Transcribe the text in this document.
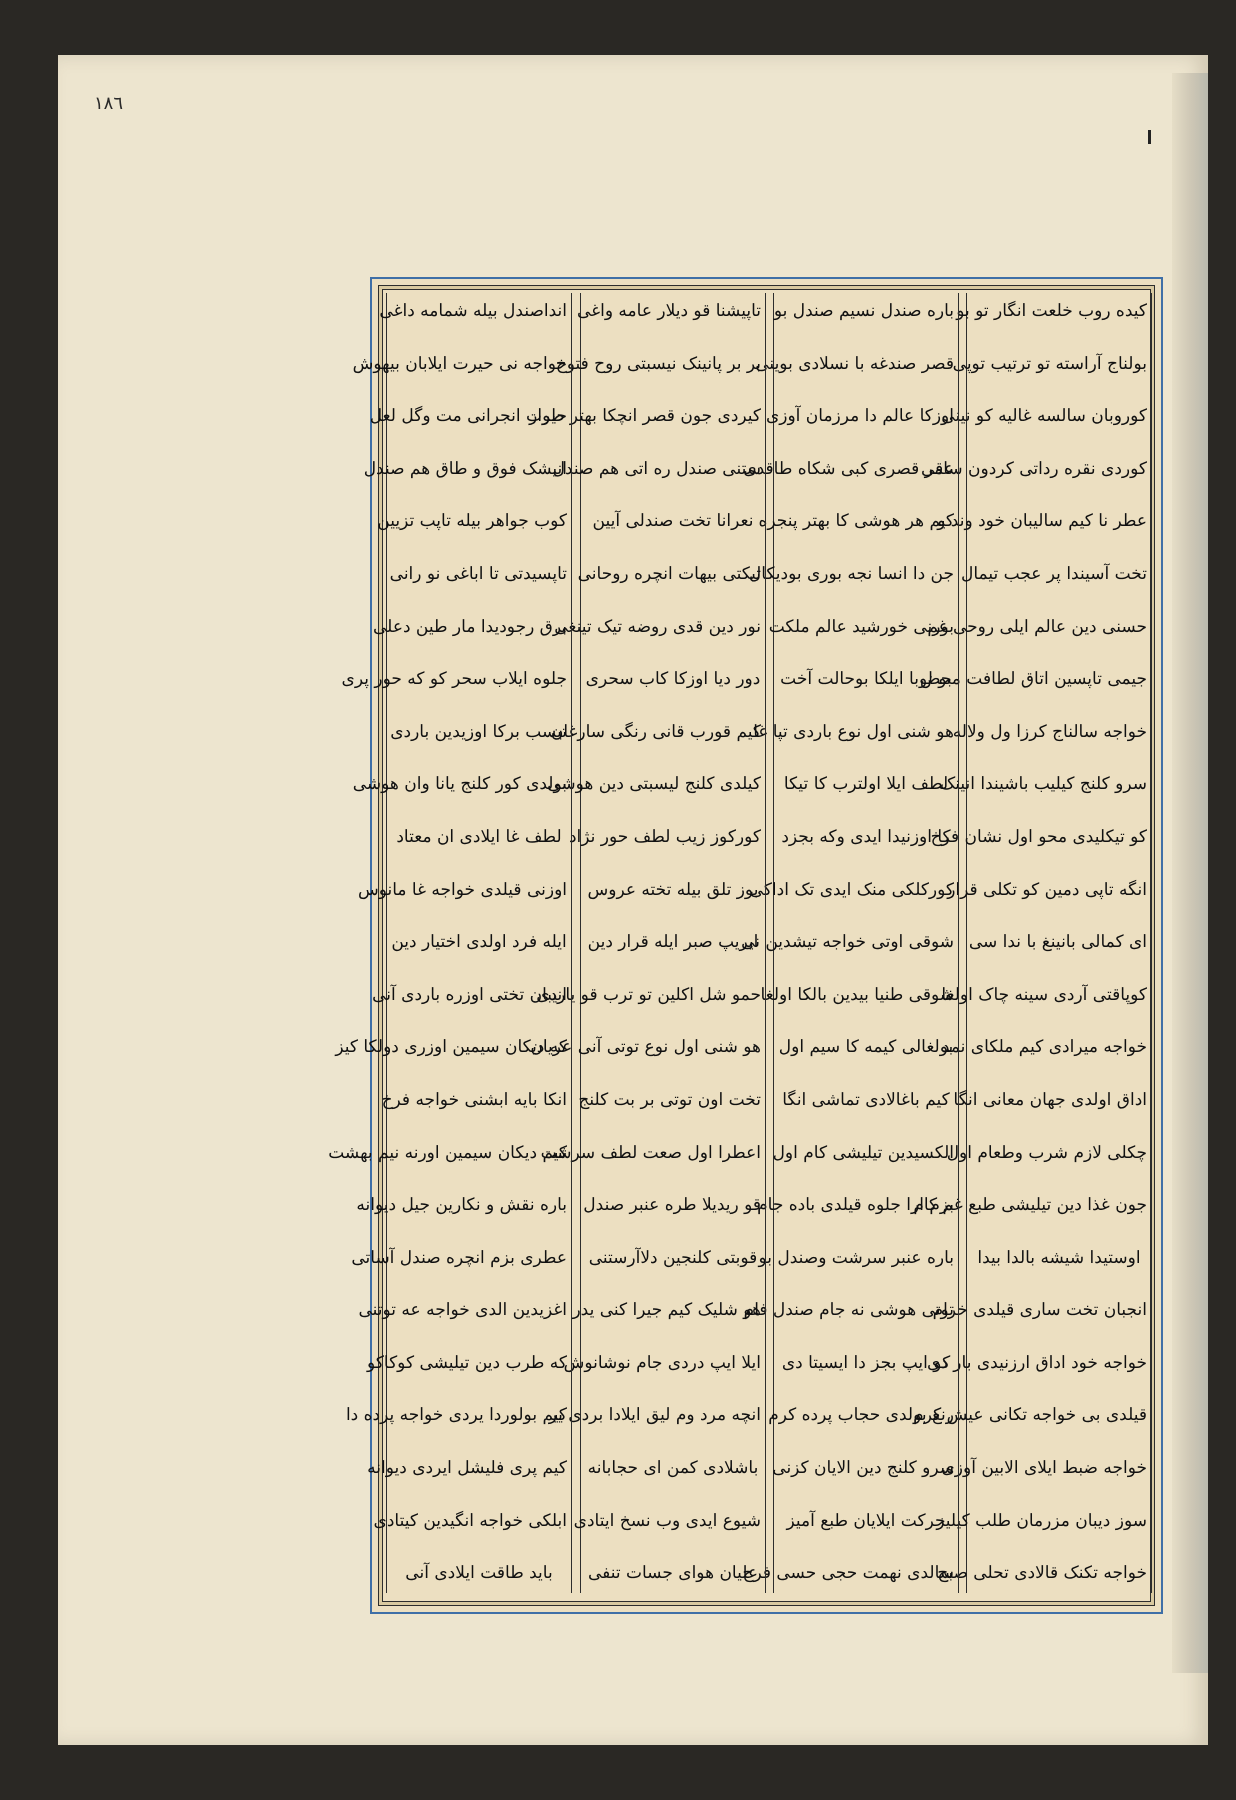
١٨٦
کیده روب خلعت انگار تو بو
بولناج آراسته تو ترتیب توپی
کوروبان سالسه غالیه کو نینی
کوردی نقره رداتی کردون ساقی
عطر نا کیم سالیبان خود وند و
تخت آسیندا پر عجب تیمال
حسنی دین عالم ایلی روحی غم
جیمی تاپسین اتاق لطافت محض
خواجه سالناج کرزا ول ولاله
سرو کلنج کیلیب باشیندا انینک
کو تیکلیدی محو اول نشان فرخ
انگه تاپی دمین کو تکلی قرار
ای کمالی بانینغ با ندا سی
کوپاقتی آردی سینه چاک اولغا
خواجه میرادی کیم ملکای نمد
اداق اولدی جهان معانی انگا
چکلی لازم شرب وطعام اول
جون غذا دین تیلیشی طبع غم کام
اوستیدا شیشه بالدا بیدا
انجبان تخت ساری قیلدی خرام
خواجه خود اداق ارزنیدی بار دی
قیلدی بی خواجه تکانی عیش کرم
خواجه ضبط ایلای الابین آوزی
سوز دیبان مزرمان طلب کیلیز
خواجه تکنک قالادی تحلی صبح
باره صندل نسیم صندل بو
قصر صندغه با نسلادی بوینی
اوزکا عالم دا مرزمان آوزی
عمر قصری کبی شکاه طاقدی
کیم هر هوشی کا بهتر پنجره
جن دا انسا نجه بوری بودیکال
بورنی خورشید عالم ملکت
بو لوبا ایلکا بوحالت آخت
هو شنی اول نوع باردی تپا غا
لطف ایلا اولترب کا تیکا
کا اوزنیدا ایدی وکه بجزد
کورکلکی منک ایدی تک اداکی
شوقی اوتی خواجه تیشدین نی
شوقی طنیا بیدین بالکا اولغا
بولغالی کیمه کا سیم اول
کیم باغالادی تماشی انگا
الکسیدین تیلیشی کام اول
بزم ارا جلوه قیلدی باده جام
باره عنبر سرشت وصندل بو
توتی هوشی نه جام صندل فام
کو ایپ بجز دا ایسیتا دی
رنع بولدی حجاب پرده کرم
سرو کلنج دین الایان کزنی
حرکت ایلایان طبع آمیز
سالدی نهمت حجی حسی فرح
تاپیشنا قو دیلار عامه واغی
بر بر پانینک نیسبتی روح فتوح
کیردی جون قصر انچکا بهتر طوار
ستنی صندل ره اتی هم صندل
نعرانا تخت صندلی آیین
تیکتی بیهات انچره روحانی
نور دین قدی روضه تیک تینغی
دور دیا اوزکا کاب سحری
کیم قورب قانی رنگی سارغان
کیلدی کلنج لیسبتی دین هوشی
کورکوز زیب لطف حور نژاد
بوز تلق بیله تخته عروس
ایریپ صبر ایله قرار دین
حمو شل اکلین تو ترب قو یاردی
هو شنی اول نوع توتی آنی عریان
تخت اون توتی بر بت کلنج
اعطرا اول صعت لطف سرشت
قو ریدیلا طره عنبر صندل
قوبتی کلنجین دلاآرستنی
هو شلیک کیم جیرا کنی یدر
ایلا ایپ دردی جام نوشانوش
انچه مرد وم لیق ایلادا بردی یر
باشلادی کمن ای حجابانه
شیوع ایدی وب نسخ ایتادی
علیان هوای جسات تنفی
انداصندل بیله شمامه داغی
خواجه نی حیرت ایلابان بیهوش
حیرت انجرانی مت وگل لعل
انیشک فوق و طاق هم صندل
کوب جواهر بیله تاپب تزیین
تاپسیدتی تا اباغی نو رانی
برق رجودیدا مار طین دعلی
جلوه ایلاب سحر کو که حور پری
تیسب برکا اوزیدین باردی
بولدی کور کلنج یانا وان هوشی
لطف غا ایلادی ان معتاد
اوزنی قیلدی خواجه غا مانوس
ایله فرد اولدی اختیار دین
انیبان تختی اوزره باردی آنی
که دیکان سیمین اوزری دولکا کیز
انکا بایه ابشنی خواجه فرخ
کیم دیکان سیمین اورنه نیم بهشت
باره نقش و نکارین جیل دیوانه
عطری بزم انچره صندل آساتی
اغزیدین الدی خواجه عه توتنی
که طرب دین تیلیشی کوکاکو
کیم بولوردا یردی خواجه پرده دا
کیم پری فلیشل ایردی دیوانه
ابلکی خواجه انگیدین کیتادی
باید طاقت ایلادی آنی
